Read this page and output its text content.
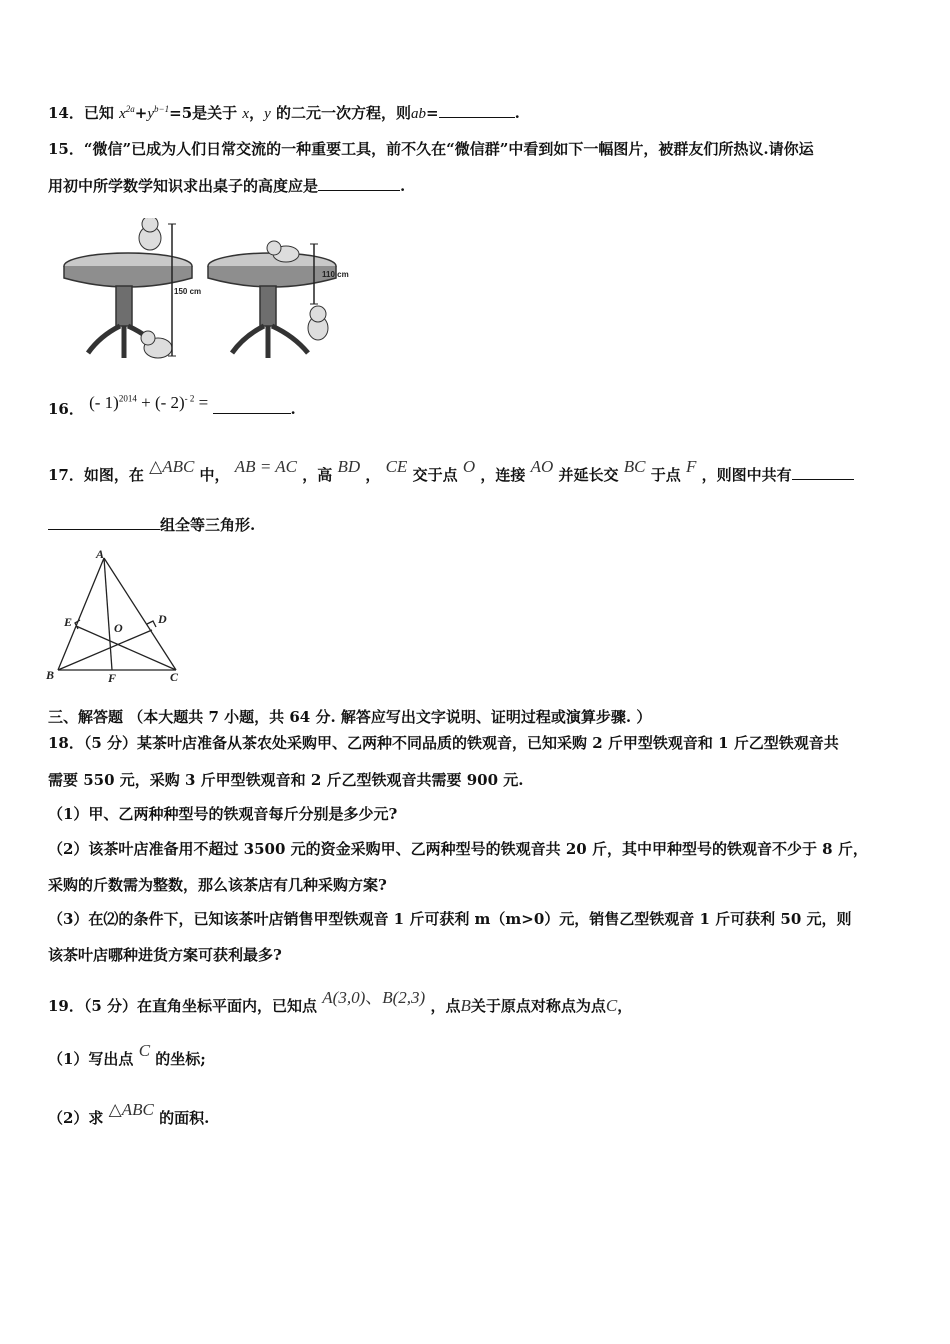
14．已知 $x^{2a}+y^{b-1}=5$是关于 x，y 的二元一次方程，则ab=	.
15．“微信”已成为人们日常交流的一种重要工具，前不久在“微信群”中看到如下一幅图片，被群友们所热议.请你运
用初中所学数学知识求出桌子的高度应是	.
150 cm
110 cm
16． (- 1)$^{2014}$ + (- 2)$^{- 2}$ =	.
17．如图，在 △ABC 中， AB = AC ，高 BD ， CE 交于点 O ，连接 AO 并延长交 BC 于点 F ，则图中共有
组全等三角形.
A
B	C
D
E
F
O
三、解答题 （本大题共 7 小题，共 64 分. 解答应写出文字说明、证明过程或演算步骤. ）
18．（5 分）某茶叶店准备从茶农处采购甲、乙两种不同品质的铁观音，已知采购 2 斤甲型铁观音和 1 斤乙型铁观音共
需要 550 元，采购 3 斤甲型铁观音和 2 斤乙型铁观音共需要 900 元.
（1）甲、乙两种种型号的铁观音每斤分别是多少元?
（2）该茶叶店准备用不超过 3500 元的资金采购甲、乙两种型号的铁观音共 20 斤，其中甲种型号的铁观音不少于 8 斤，
采购的斤数需为整数，那么该茶店有几种采购方案?
（3）在⑵的条件下，已知该茶叶店销售甲型铁观音 1 斤可获利 m（m>0）元，销售乙型铁观音 1 斤可获利 50 元，则
该茶叶店哪种进货方案可获利最多?
19．（5 分）在直角坐标平面内，已知点 A(3,0)、B(2,3) ，点B关于原点对称点为点C，
（1）写出点 C 的坐标;
（2）求 △ABC 的面积.
